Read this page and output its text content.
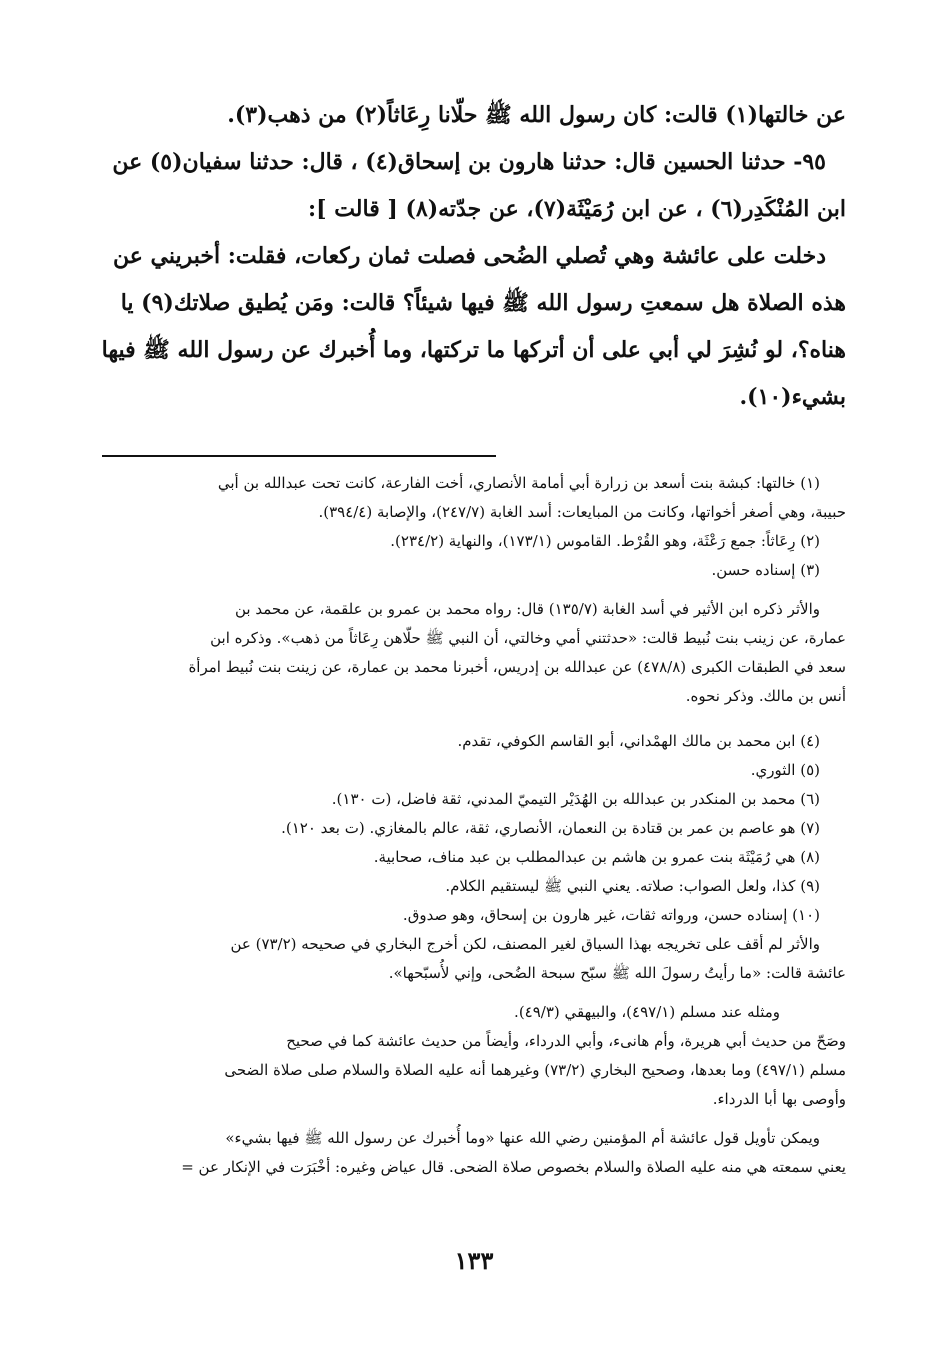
عن خالتها(١) قالت: كان رسول الله ﷺ حلّانا رِعَاثاً(٢) من ذهب(٣).
٩٥- حدثنا الحسين قال: حدثنا هارون بن إسحاق(٤) ، قال: حدثنا سفيان(٥) عن
ابن المُنْكَدِر(٦) ، عن ابن رُمَيْثَة(٧)، عن جدّته(٨) [ قالت ]:
دخلت على عائشة وهي تُصلي الضُحى فصلت ثمان ركعات، فقلت: أخبريني عن
هذه الصلاة هل سمعتِ رسول الله ﷺ فيها شيئاً؟ قالت: ومَن يُطيق صلاتك(٩) يا
هناه؟، لو نُشِرَ لي أبي على أن أتركها ما تركتها، وما أُخبرك عن رسول الله ﷺ فيها
بشيء(١٠).
(١) خالتها: كبشة بنت أسعد بن زرارة أبي أمامة الأنصاري، أخت الفارعة، كانت تحت عبدالله بن أبي
حبيبة، وهي أصغر أخواتها، وكانت من المبايعات: أسد الغابة (٢٤٧/٧)، والإصابة (٣٩٤/٤).
(٢) رِعَاثاً: جمع رَعْثَة، وهو القُرْط. القاموس (١٧٣/١)، والنهاية (٢٣٤/٢).
(٣) إسناده حسن.
والأثر ذكره ابن الأثير في أسد الغابة (١٣٥/٧) قال: رواه محمد بن عمرو بن علقمة، عن محمد بن
عمارة، عن زينب بنت نُبيط قالت: «حدثتني أمي وخالتي، أن النبي ﷺ حلّاهن رِعَاثاً من ذهب». وذكره ابن
سعد في الطبقات الكبرى (٤٧٨/٨) عن عبدالله بن إدريس، أخبرنا محمد بن عمارة، عن زينت بنت نُبيط امرأة
أنس بن مالك. وذكر نحوه.
(٤) ابن محمد بن مالك الهمْداني، أبو القاسم الكوفي، تقدم.
(٥) الثوري.
(٦) محمد بن المنكدر بن عبدالله بن الهُدَيْر التيميّ المدني، ثقة فاضل، (ت ١٣٠).
(٧) هو عاصم بن عمر بن قتادة بن النعمان، الأنصاري، ثقة، عالم بالمغازي. (ت بعد ١٢٠).
(٨) هي رُمَيْثَة بنت عمرو بن هاشم بن عبدالمطلب بن عبد مناف، صحابية.
(٩) كذا، ولعل الصواب: صلاته. يعني النبي ﷺ ليستقيم الكلام.
(١٠) إسناده حسن، ورواته ثقات، غير هارون بن إسحاق، وهو صدوق.
والأثر لم أقف على تخريجه بهذا السياق لغير المصنف، لكن أخرج البخاري في صحيحه (٧٣/٢) عن
عائشة قالت: «ما رأيتُ رسولَ الله ﷺ سبّح سبحة الضُحى، وإني لأُسبّحها».
ومثله عند مسلم (٤٩٧/١)، والبيهقي (٤٩/٣).
وصَحّ من حديث أبي هريرة، وأم هانىء، وأبي الدرداء، وأيضاً من حديث عائشة كما في صحيح
مسلم (٤٩٧/١) وما بعدها، وصحيح البخاري (٧٣/٢) وغيرهما أنه عليه الصلاة والسلام صلى صلاة الضحى
وأوصى بها أبا الدرداء.
ويمكن تأويل قول عائشة أم المؤمنين رضي الله عنها «وما أُخبرك عن رسول الله ﷺ فيها بشيء»
يعني سمعته هي منه عليه الصلاة والسلام بخصوص صلاة الضحى. قال عياض وغيره: أخْبَرَت في الإنكار عن =
١٣٣
